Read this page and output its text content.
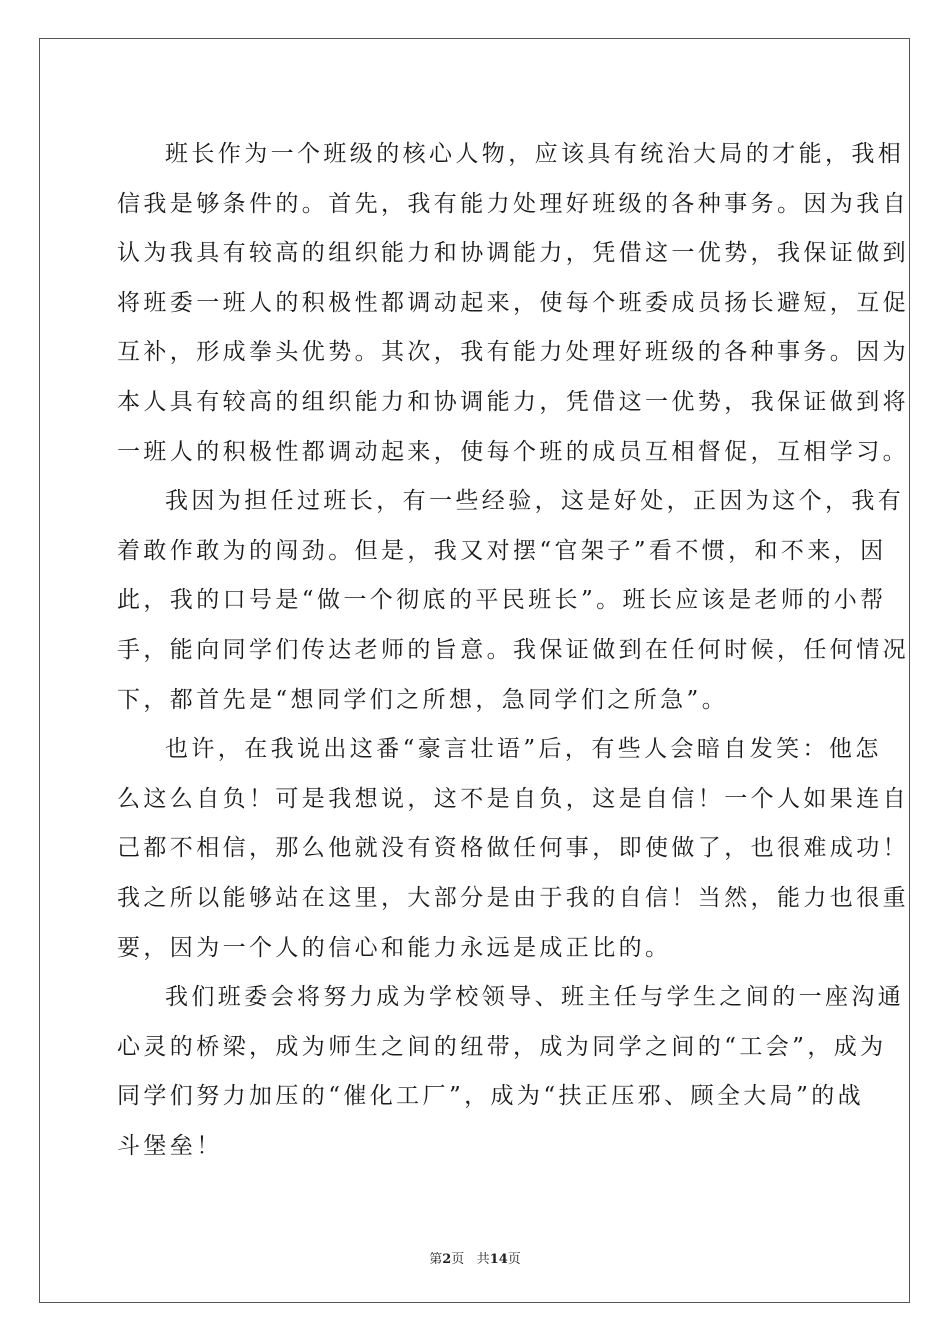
班长作为一个班级的核心人物，应该具有统治大局的才能，我相
信我是够条件的。首先，我有能力处理好班级的各种事务。因为我自
认为我具有较高的组织能力和协调能力，凭借这一优势，我保证做到
将班委一班人的积极性都调动起来，使每个班委成员扬长避短，互促
互补，形成拳头优势。其次，我有能力处理好班级的各种事务。因为
本人具有较高的组织能力和协调能力，凭借这一优势，我保证做到将
一班人的积极性都调动起来，使每个班的成员互相督促，互相学习。
我因为担任过班长，有一些经验，这是好处，正因为这个，我有
着敢作敢为的闯劲。但是，我又对摆“官架子”看不惯，和不来，因
此，我的口号是“做一个彻底的平民班长”。班长应该是老师的小帮
手，能向同学们传达老师的旨意。我保证做到在任何时候，任何情况
下，都首先是“想同学们之所想，急同学们之所急”。
也许，在我说出这番“豪言壮语”后，有些人会暗自发笑：他怎
么这么自负！可是我想说，这不是自负，这是自信！一个人如果连自
己都不相信，那么他就没有资格做任何事，即使做了，也很难成功！
我之所以能够站在这里，大部分是由于我的自信！当然，能力也很重
要，因为一个人的信心和能力永远是成正比的。
我们班委会将努力成为学校领导、班主任与学生之间的一座沟通
心灵的桥梁，成为师生之间的纽带，成为同学之间的“工会”，成为
同学们努力加压的“催化工厂”，成为“扶正压邪、顾全大局”的战
斗堡垒！
第2页 共14页
